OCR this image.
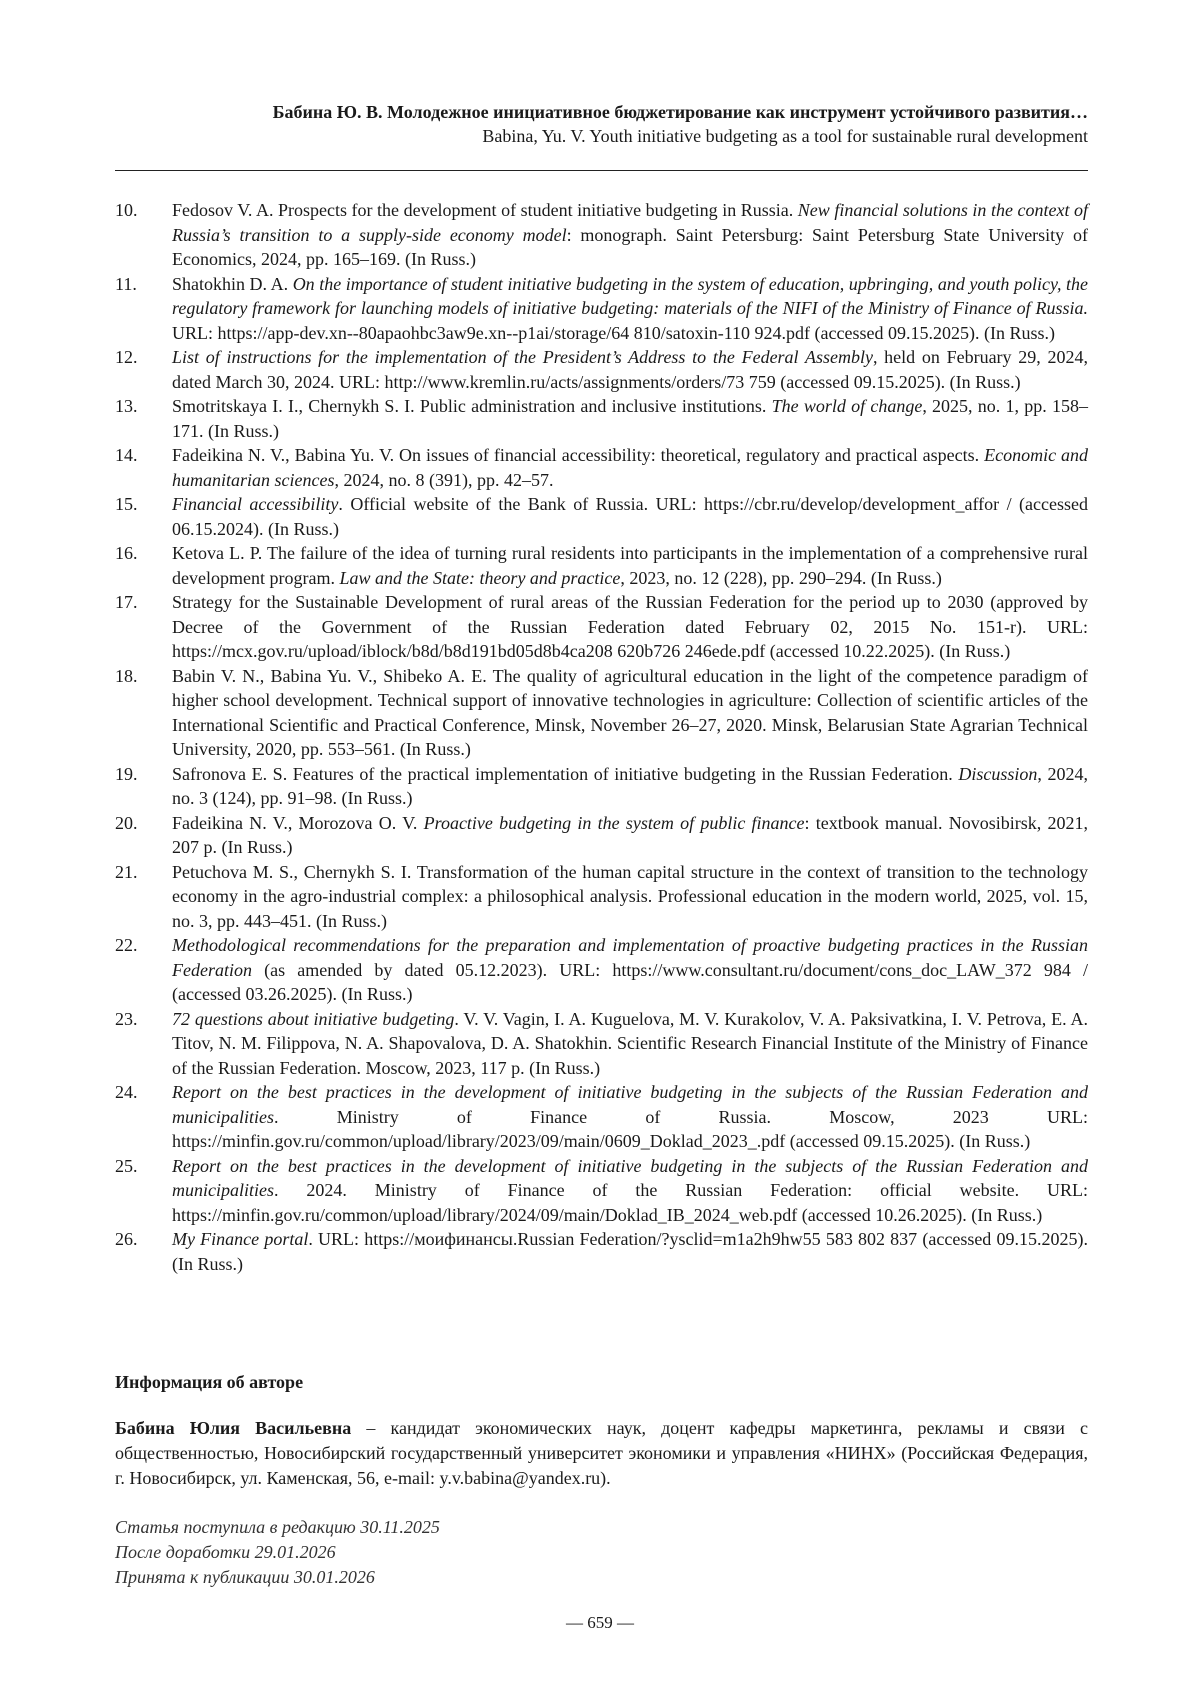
Бабина Ю. В. Молодежное инициативное бюджетирование как инструмент устойчивого развития…
Babina, Yu. V. Youth initiative budgeting as a tool for sustainable rural development
10.	Fedosov V. A. Prospects for the development of student initiative budgeting in Russia. New financial solutions in the context of Russia’s transition to a supply-side economy model: monograph. Saint Petersburg: Saint Petersburg State University of Economics, 2024, pp. 165–169. (In Russ.)
11.	Shatokhin D. A. On the importance of student initiative budgeting in the system of education, upbringing, and youth policy, the regulatory framework for launching models of initiative budgeting: materials of the NIFI of the Ministry of Finance of Russia. URL: https://app-dev.xn--80apaohbc3aw9e.xn--p1ai/storage/64 810/satoxin-110 924.pdf (accessed 09.15.2025). (In Russ.)
12.	List of instructions for the implementation of the President’s Address to the Federal Assembly, held on February 29, 2024, dated March 30, 2024. URL: http://www.kremlin.ru/acts/assignments/orders/73 759 (accessed 09.15.2025). (In Russ.)
13.	Smotritskaya I. I., Chernykh S. I. Public administration and inclusive institutions. The world of change, 2025, no. 1, pp. 158–171. (In Russ.)
14.	Fadeikina N. V., Babina Yu. V. On issues of financial accessibility: theoretical, regulatory and practical aspects. Economic and humanitarian sciences, 2024, no. 8 (391), pp. 42–57.
15.	Financial accessibility. Official website of the Bank of Russia. URL: https://cbr.ru/develop/development_affor / (accessed 06.15.2024). (In Russ.)
16.	Ketova L. P. The failure of the idea of turning rural residents into participants in the implementation of a comprehensive rural development program. Law and the State: theory and practice, 2023, no. 12 (228), pp. 290–294. (In Russ.)
17.	Strategy for the Sustainable Development of rural areas of the Russian Federation for the period up to 2030 (approved by Decree of the Government of the Russian Federation dated February 02, 2015 No. 151-r). URL: https://mcx.gov.ru/upload/iblock/b8d/b8d191bd05d8b4ca208 620b726 246ede.pdf (accessed 10.22.2025). (In Russ.)
18.	Babin V. N., Babina Yu. V., Shibeko A. E. The quality of agricultural education in the light of the competence paradigm of higher school development. Technical support of innovative technologies in agriculture: Collection of scientific articles of the International Scientific and Practical Conference, Minsk, November 26–27, 2020. Minsk, Belarusian State Agrarian Technical University, 2020, pp. 553–561. (In Russ.)
19.	Safronova E. S. Features of the practical implementation of initiative budgeting in the Russian Federation. Discussion, 2024, no. 3 (124), pp. 91–98. (In Russ.)
20.	Fadeikina N. V., Morozova O. V. Proactive budgeting in the system of public finance: textbook manual. Novosibirsk, 2021, 207 p. (In Russ.)
21.	Petuchova M. S., Chernykh S. I. Transformation of the human capital structure in the context of transition to the technology economy in the agro-industrial complex: a philosophical analysis. Professional education in the modern world, 2025, vol. 15, no. 3, pp. 443–451. (In Russ.)
22.	Methodological recommendations for the preparation and implementation of proactive budgeting practices in the Russian Federation (as amended by dated 05.12.2023). URL: https://www.consultant.ru/document/cons_doc_LAW_372 984 / (accessed 03.26.2025). (In Russ.)
23.	72 questions about initiative budgeting. V. V. Vagin, I. A. Kuguelova, M. V. Kurakolov, V. A. Paksivatkina, I. V. Petrova, E. A. Titov, N. M. Filippova, N. A. Shapovalova, D. A. Shatokhin. Scientific Research Financial Institute of the Ministry of Finance of the Russian Federation. Moscow, 2023, 117 p. (In Russ.)
24.	Report on the best practices in the development of initiative budgeting in the subjects of the Russian Federation and municipalities. Ministry of Finance of Russia. Moscow, 2023 URL: https://minfin.gov.ru/common/upload/library/2023/09/main/0609_Doklad_2023_.pdf (accessed 09.15.2025). (In Russ.)
25.	Report on the best practices in the development of initiative budgeting in the subjects of the Russian Federation and municipalities. 2024. Ministry of Finance of the Russian Federation: official website. URL: https://minfin.gov.ru/common/upload/library/2024/09/main/Doklad_IB_2024_web.pdf (accessed 10.26.2025). (In Russ.)
26.	My Finance portal. URL: https://моифинансы.Russian Federation/?ysclid=m1a2h9hw55 583 802 837 (accessed 09.15.2025). (In Russ.)
Информация об авторе
Бабина Юлия Васильевна – кандидат экономических наук, доцент кафедры маркетинга, рекламы и связи с общественностью, Новосибирский государственный университет экономики и управления «НИНХ» (Российская Федерация, г. Новосибирск, ул. Каменская, 56, e-mail: y.v.babina@yandex.ru).
Статья поступила в редакцию 30.11.2025
После доработки 29.01.2026
Принята к публикации 30.01.2026
— 659 —
